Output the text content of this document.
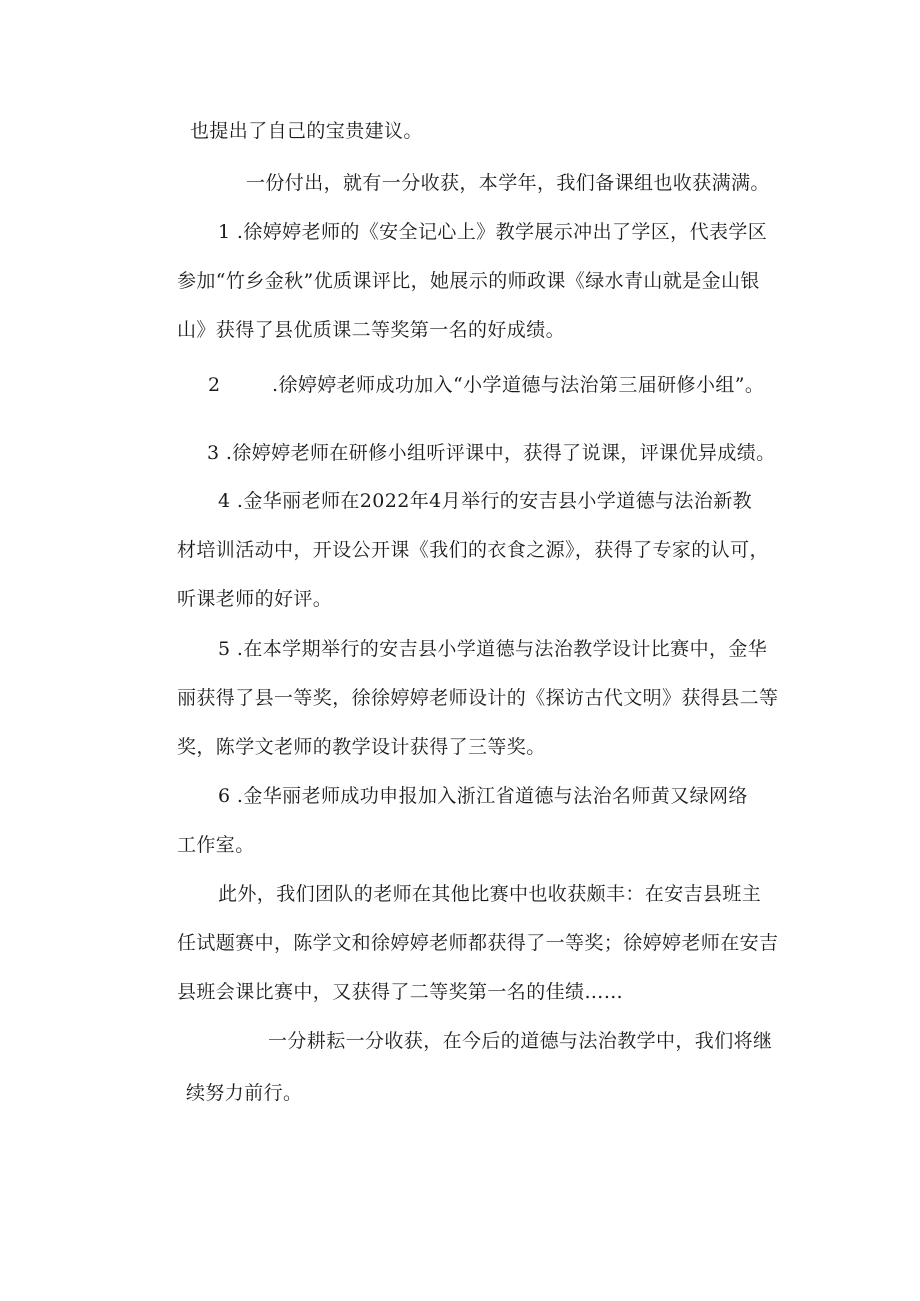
也提出了自己的宝贵建议。
一份付出，就有一分收获，本学年，我们备课组也收获满满。
1 .徐婷婷老师的《安全记心上》教学展示冲出了学区，代表学区
参加“竹乡金秋”优质课评比，她展示的师政课《绿水青山就是金山银
山》获得了县优质课二等奖第一名的好成绩。
2        .徐婷婷老师成功加入“小学道德与法治第三届研修小组”。
3 .徐婷婷老师在研修小组听评课中，获得了说课，评课优异成绩。
4 .金华丽老师在2022年4月举行的安吉县小学道德与法治新教
材培训活动中，开设公开课《我们的衣食之源》，获得了专家的认可，
听课老师的好评。
5 .在本学期举行的安吉县小学道德与法治教学设计比赛中，金华
丽获得了县一等奖，徐徐婷婷老师设计的《探访古代文明》获得县二等
奖，陈学文老师的教学设计获得了三等奖。
6 .金华丽老师成功申报加入浙江省道德与法治名师黄又绿网络
工作室。
此外，我们团队的老师在其他比赛中也收获颇丰：在安吉县班主
任试题赛中，陈学文和徐婷婷老师都获得了一等奖；徐婷婷老师在安吉
县班会课比赛中，又获得了二等奖第一名的佳绩……
一分耕耘一分收获，在今后的道德与法治教学中，我们将继
续努力前行。
